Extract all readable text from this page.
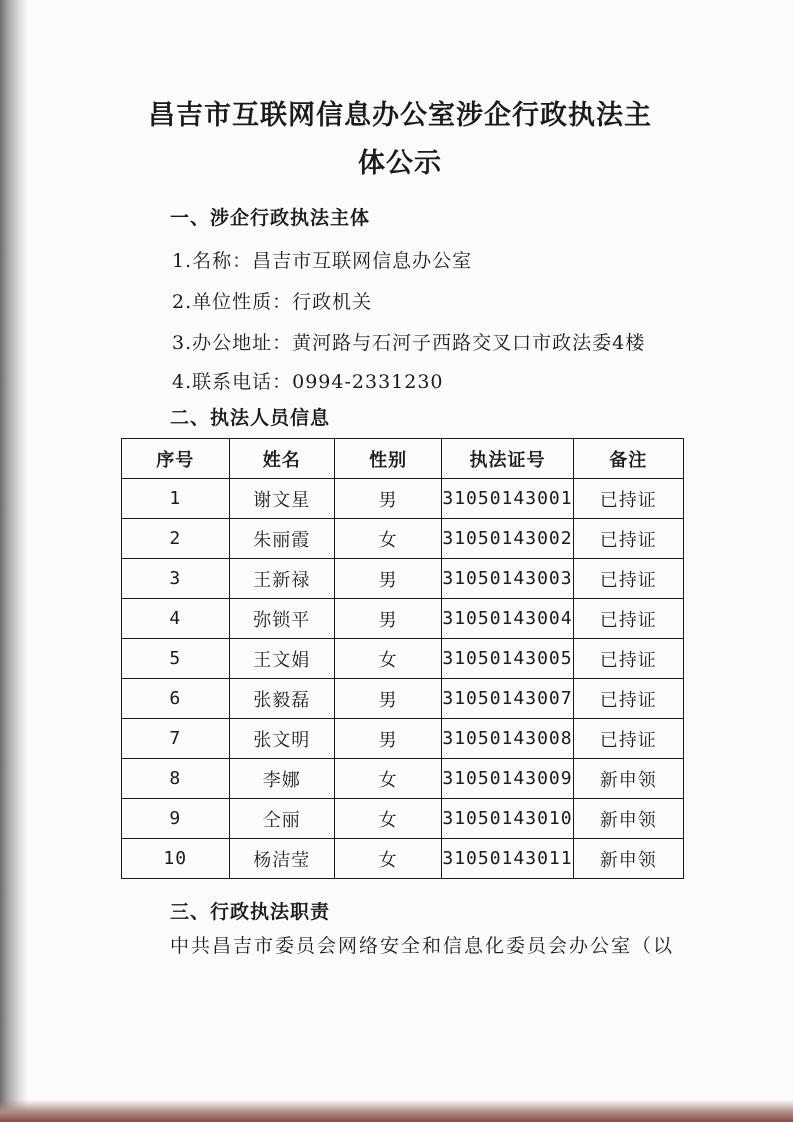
昌吉市互联网信息办公室涉企行政执法主
体公示
一、涉企行政执法主体
1.名称：昌吉市互联网信息办公室
2.单位性质：行政机关
3.办公地址：黄河路与石河子西路交叉口市政法委4楼
4.联系电话：0994-2331230
二、执法人员信息
序号	姓名	性别	执法证号	备注
1	谢文星	男	31050143001	已持证
2	朱丽霞	女	31050143002	已持证
3	王新禄	男	31050143003	已持证
4	弥锁平	男	31050143004	已持证
5	王文娟	女	31050143005	已持证
6	张毅磊	男	31050143007	已持证
7	张文明	男	31050143008	已持证
8	李娜	女	31050143009	新申领
9	仝丽	女	31050143010	新申领
10	杨洁莹	女	31050143011	新申领
三、行政执法职责
中共昌吉市委员会网络安全和信息化委员会办公室（以
